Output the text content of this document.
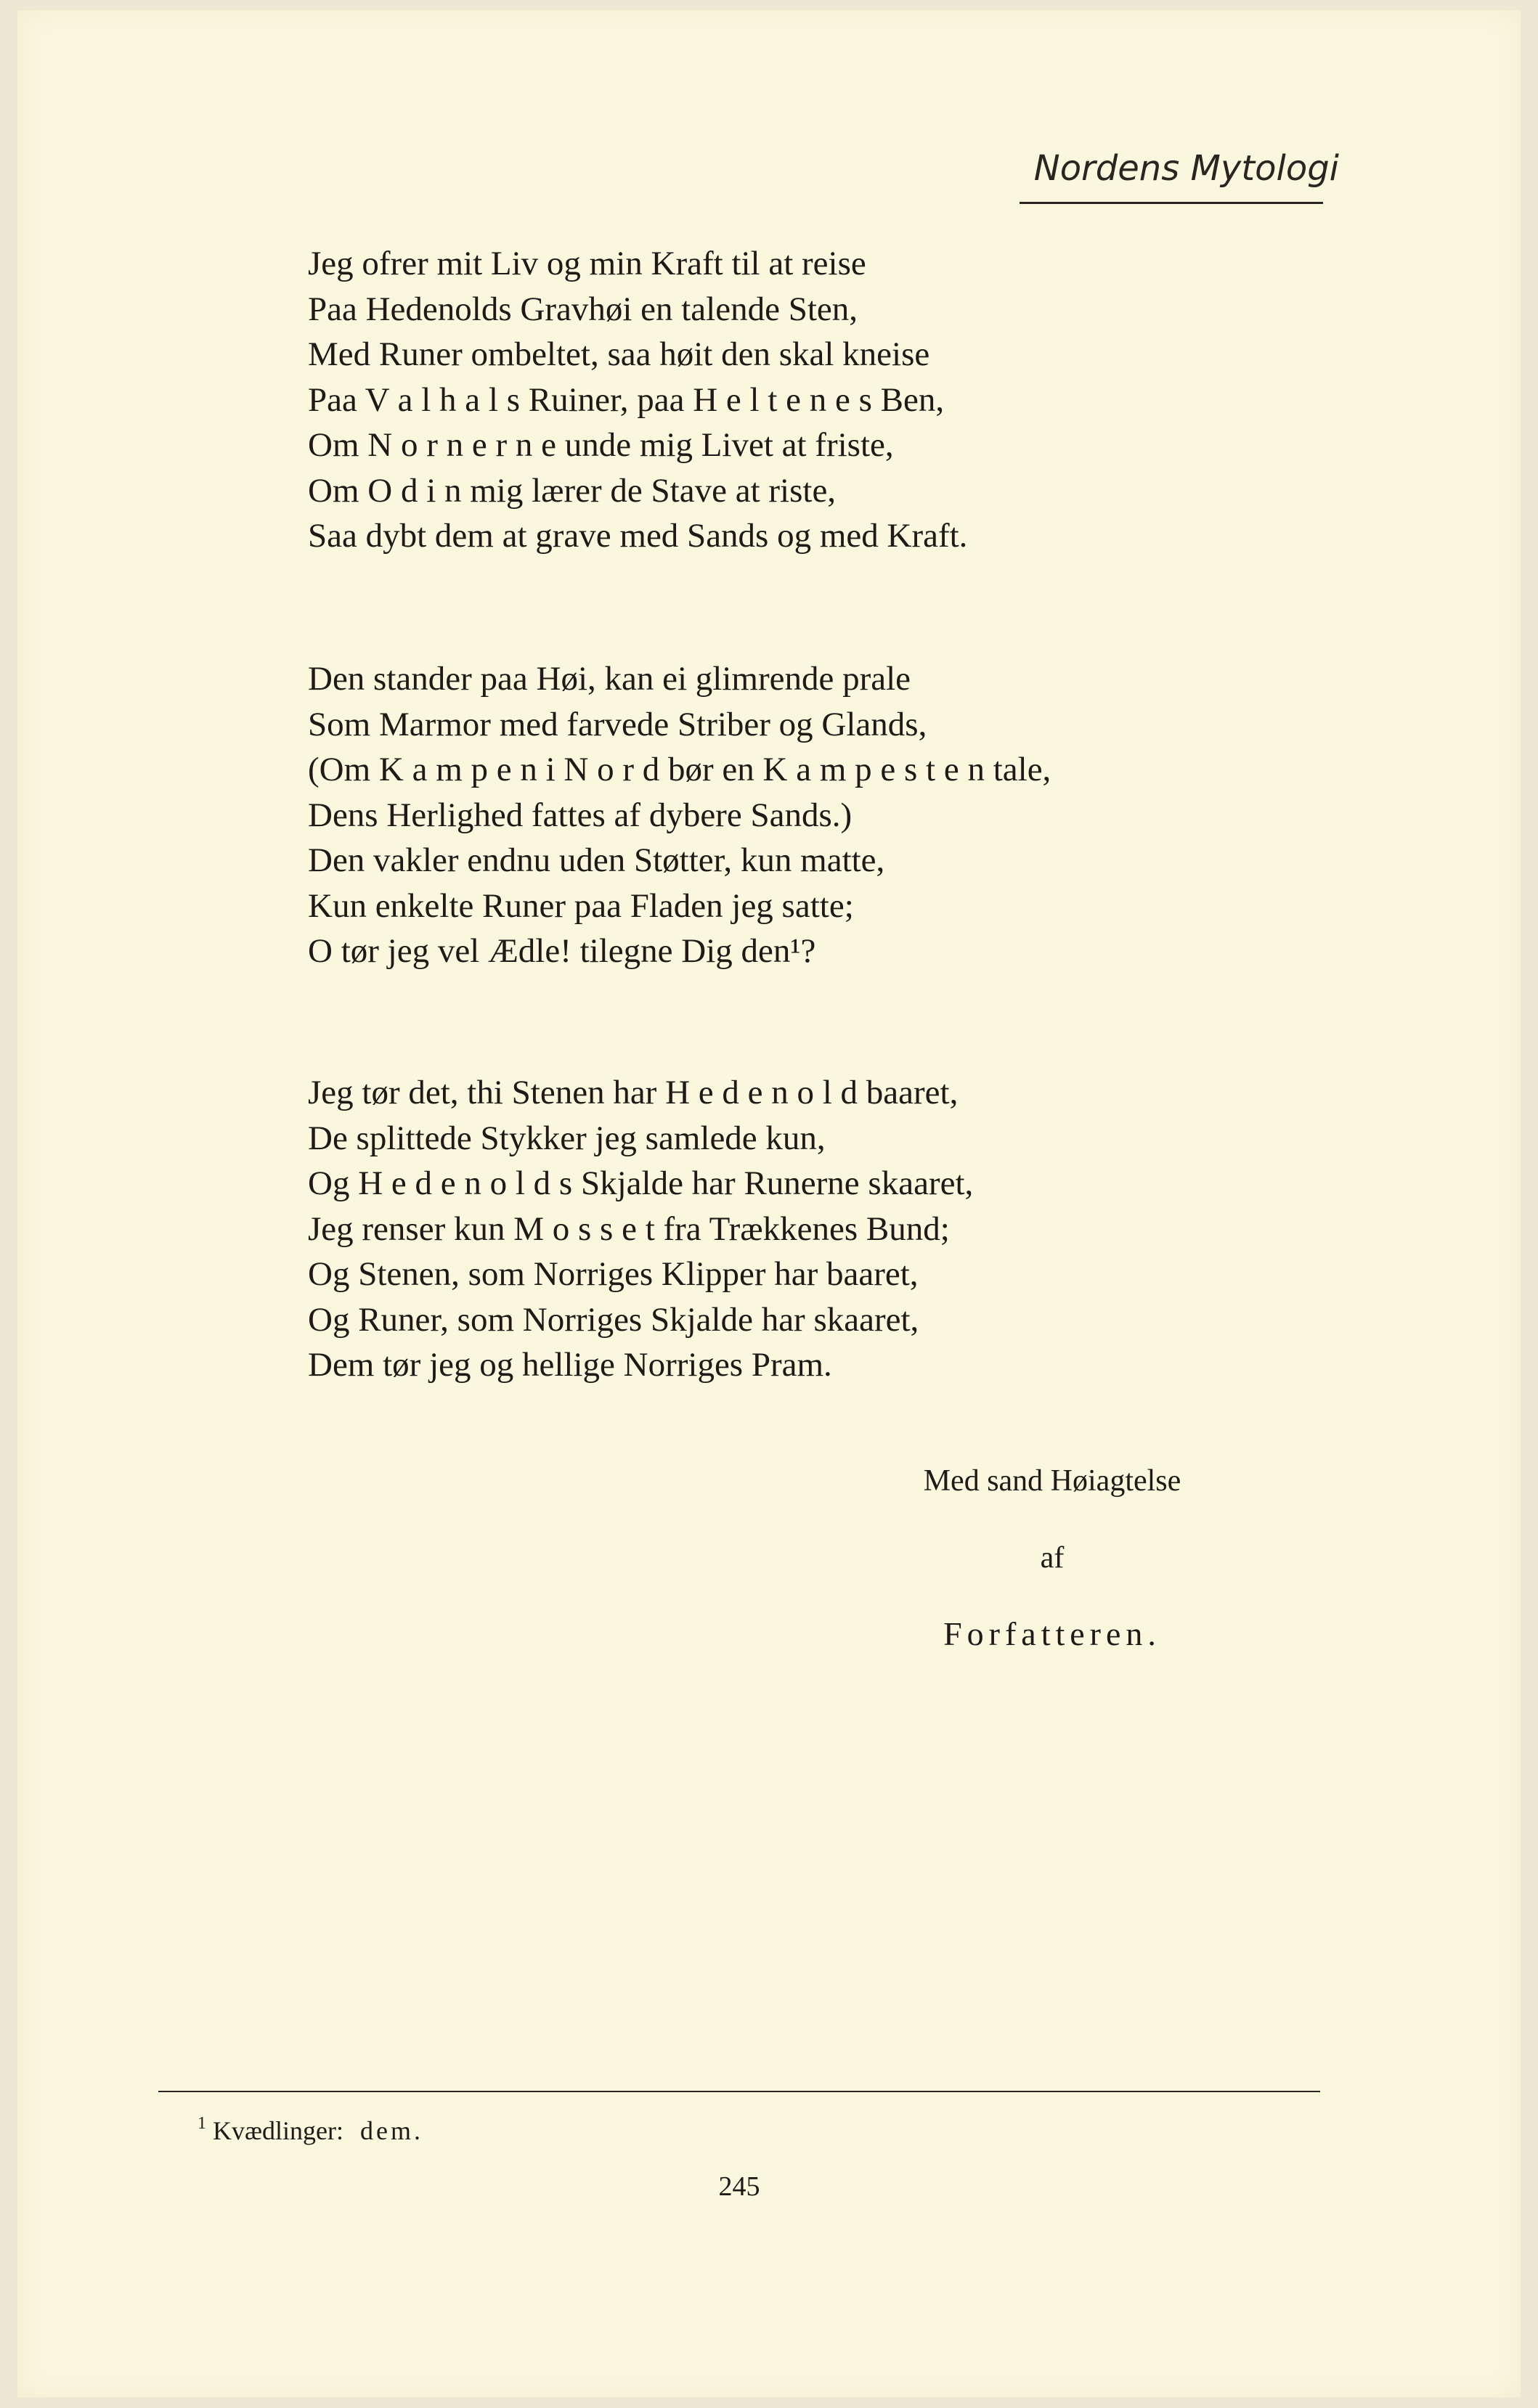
Nordens Mytologi
Jeg ofrer mit Liv og min Kraft til at reise
Paa Hedenolds Gravhøi en talende Sten,
Med Runer ombeltet, saa høit den skal kneise
Paa V a l h a l s Ruiner, paa H e l t e n e s Ben,
Om N o r n e r n e unde mig Livet at friste,
Om O d i n mig lærer de Stave at riste,
Saa dybt dem at grave med Sands og med Kraft.
Den stander paa Høi, kan ei glimrende prale
Som Marmor med farvede Striber og Glands,
(Om K a m p e n i N o r d bør en K a m p e s t e n tale,
Dens Herlighed fattes af dybere Sands.)
Den vakler endnu uden Støtter, kun matte,
Kun enkelte Runer paa Fladen jeg satte;
O tør jeg vel Ædle! tilegne Dig den¹?
Jeg tør det, thi Stenen har H e d e n o l d baaret,
De splittede Stykker jeg samlede kun,
Og H e d e n o l d s Skjalde har Runerne skaaret,
Jeg renser kun M o s s e t fra Trækkenes Bund;
Og Stenen, som Norriges Klipper har baaret,
Og Runer, som Norriges Skjalde har skaaret,
Dem tør jeg og hellige Norriges Pram.
Med sand Høiagtelse
af
Forfatteren.
$^1$ Kvædlinger: dem.
245
